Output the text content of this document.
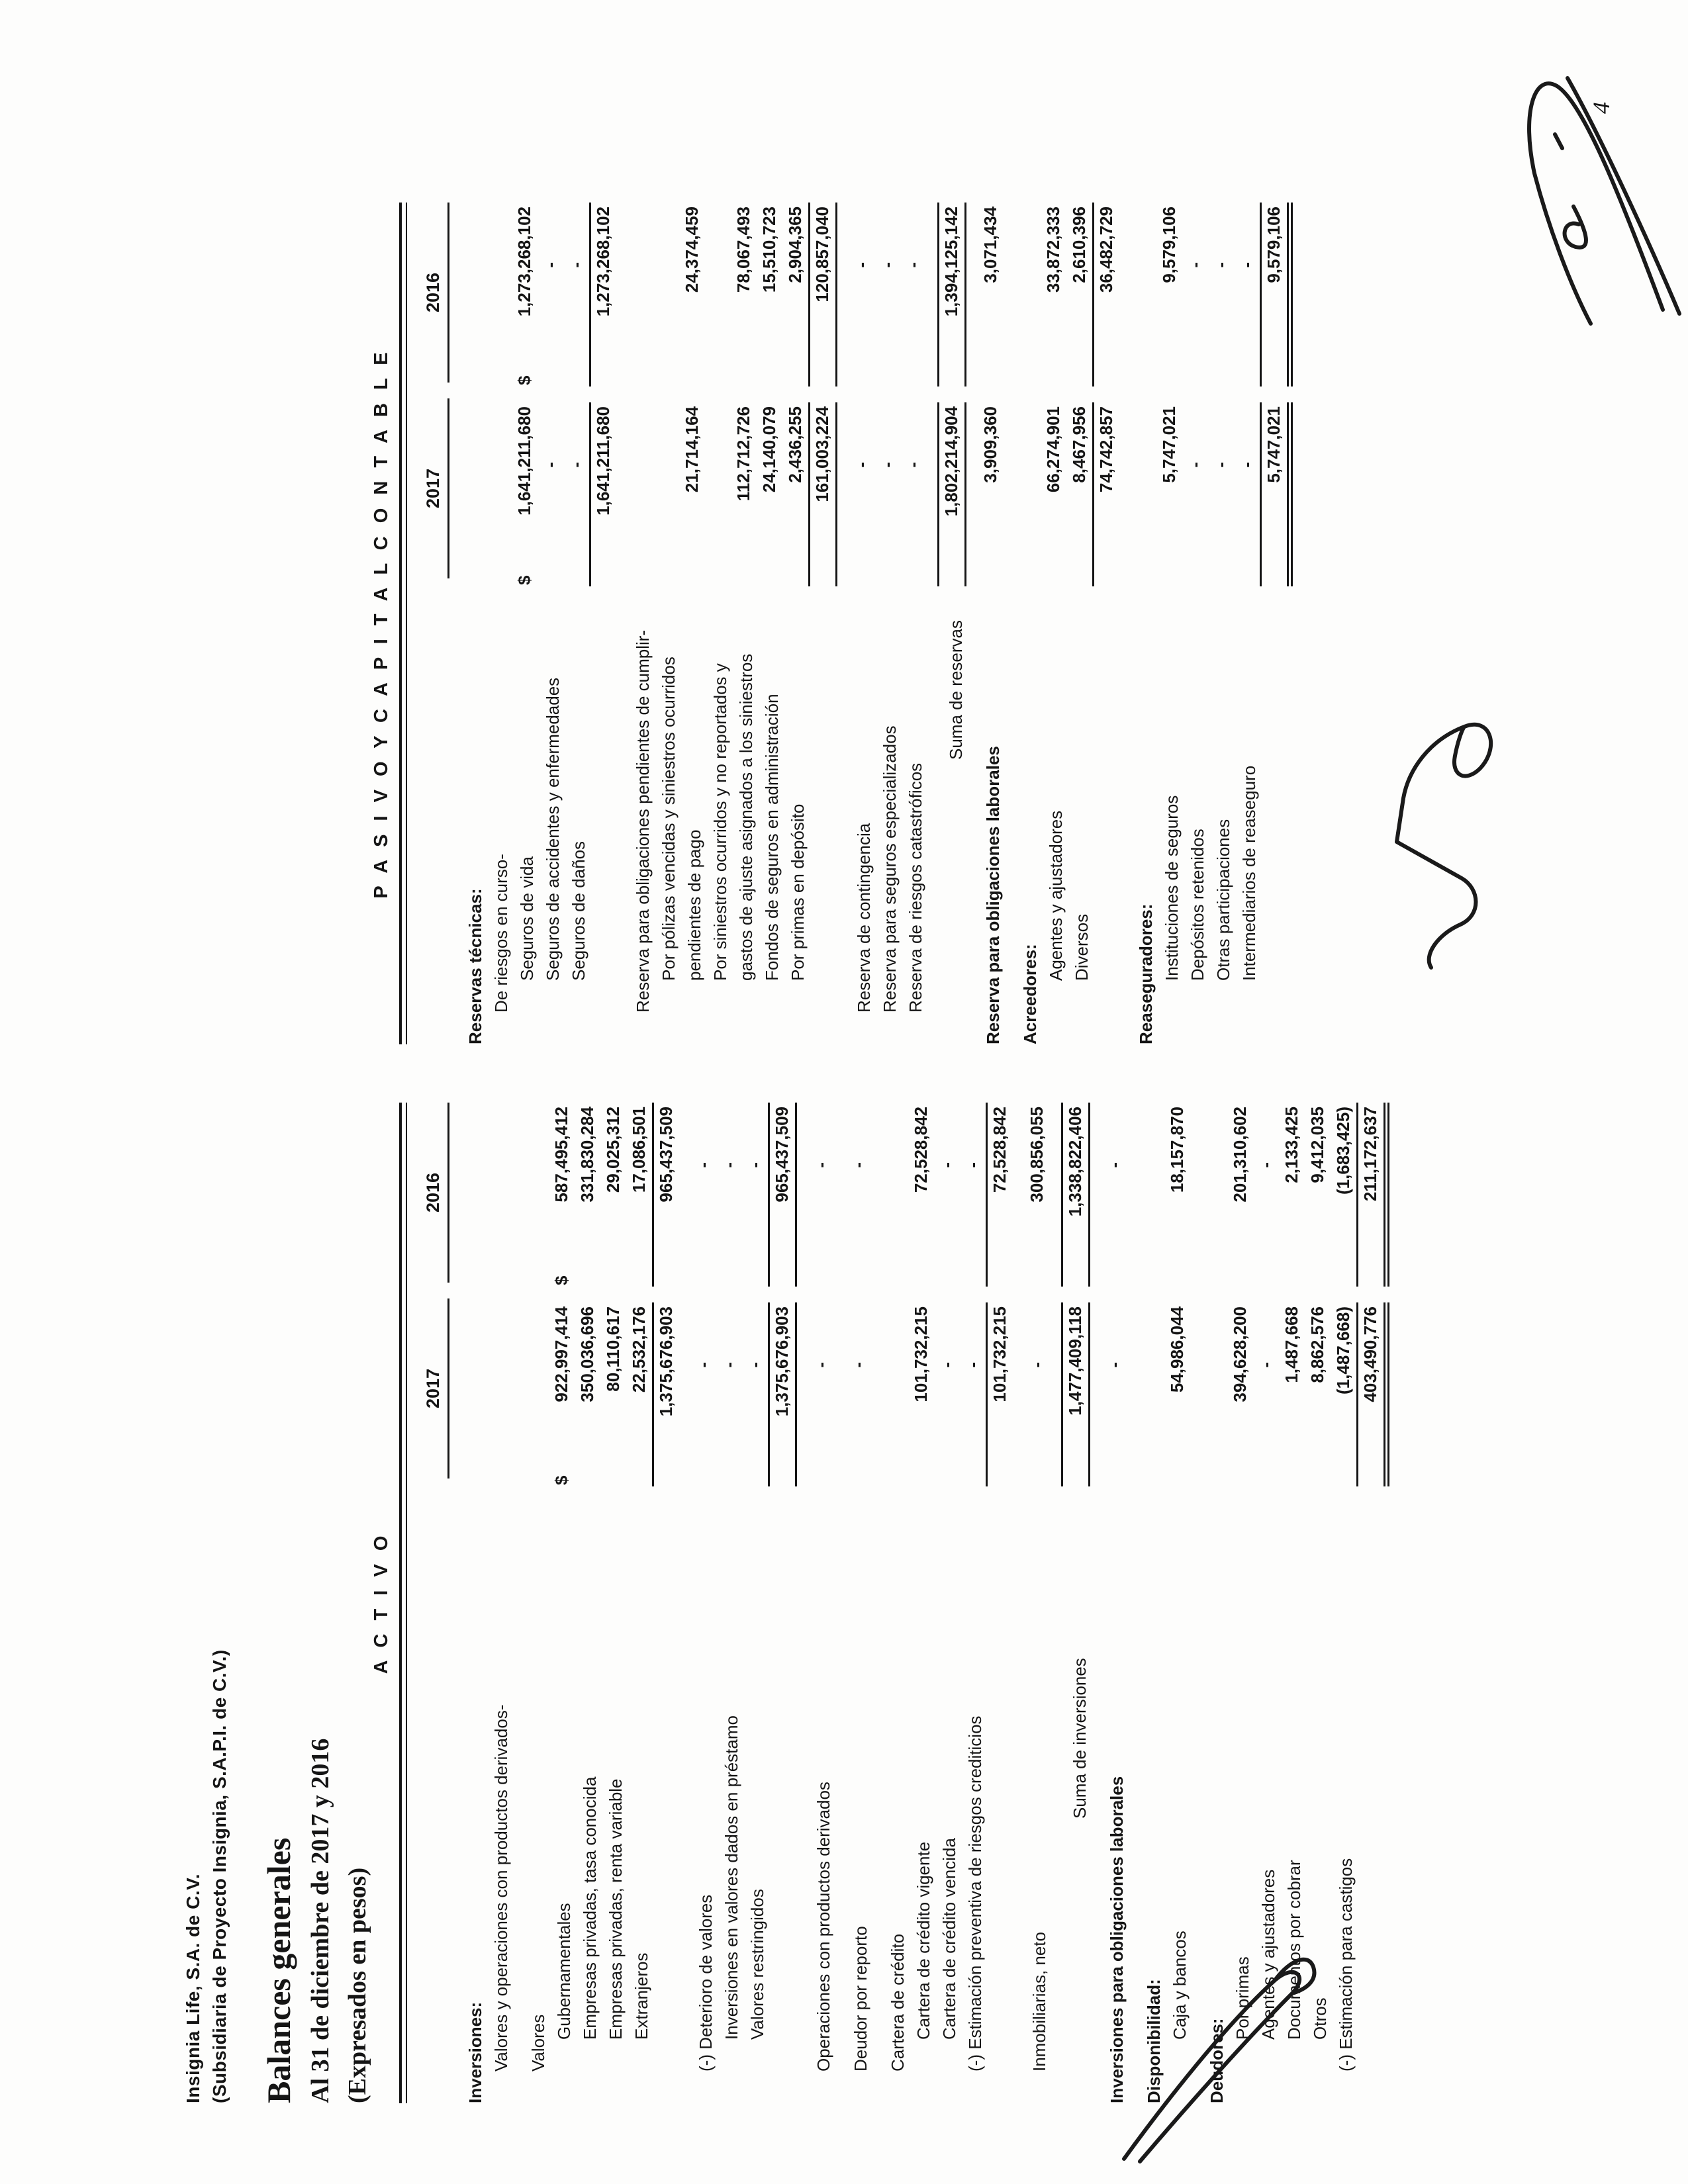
Insignia Life, S.A. de C.V. (Subsidiaria de Proyecto Insignia, S.A.P.I. de C.V.) Balances generales Al 31 de diciembre de 2017 y 2016 (Expresados en pesos)
4
A C T I V O
2017
2016
Inversiones: Valores y operaciones con productos derivados- Valores
Gubernamentales
$
922,997,414
$
587,495,412
Empresas privadas, tasa conocida
350,036,696
331,830,284
Empresas privadas, renta variable
80,110,617
29,025,312
Extranjeros
22,532,176
17,086,501
1,375,676,903
965,437,509
(-) Deterioro de valores
-
-
Inversiones en valores dados en préstamo
-
-
Valores restringidos
-
-
1,375,676,903
965,437,509
Operaciones con productos derivados
-
-
Deudor por reporto
-
-
Cartera de crédito Cartera de crédito vigente
101,732,215
72,528,842
Cartera de crédito vencida
-
-
(-) Estimación preventiva de riesgos crediticios
-
-
101,732,215
72,528,842
Inmobiliarias, neto
-
300,856,055
Suma de inversiones
1,477,409,118
1,338,822,406
Inversiones para obligaciones laborales
-
-
Disponibilidad: Caja y bancos
54,986,044
18,157,870
Deudores:
Por primas
394,628,200
201,310,602
Agentes y ajustadores
-
-
Documentos por cobrar
1,487,668
2,133,425
Otros
8,862,576
9,412,035
(-) Estimación para castigos
(1,487,668)
(1,683,425)
403,490,776
211,172,637
P A S I V O Y C A P I T A L C O N T A B L E 2017
2016
Reservas técnicas: De riesgos en curso- Seguros de vida
$
1,641,211,680
$
1,273,268,102
Seguros de accidentes y enfermedades
-
-
Seguros de daños
-
-
1,641,211,680
1,273,268,102
Reserva para obligaciones pendientes de cumplir- Por pólizas vencidas y siniestros ocurridos pendientes de pago
21,714,164
24,374,459
Por siniestros ocurridos y no reportados y gastos de ajuste asignados a los siniestros
112,712,726
78,067,493
Fondos de seguros en administración
24,140,079
15,510,723
Por primas en depósito
2,436,255
2,904,365
161,003,224
120,857,040
Reserva de contingencia
-
-
Reserva para seguros especializados
-
-
Reserva de riesgos catastróficos
-
-
Suma de reservas
1,802,214,904
1,394,125,142
Reserva para obligaciones laborales
3,909,360
3,071,434
Acreedores:
Agentes y ajustadores
66,274,901
33,872,333
Diversos
8,467,956
2,610,396
74,742,857
36,482,729
Reaseguradores: Instituciones de seguros
5,747,021
9,579,106
Depósitos retenidos
-
-
Otras participaciones
-
-
Intermediarios de reaseguro
-
-
5,747,021
9,579,106
